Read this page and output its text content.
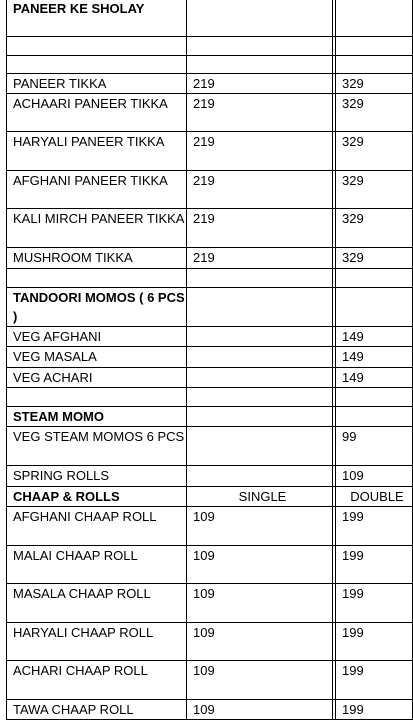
PANEER KE SHOLAY			

PANEER TIKKA	219		329
ACHAARI PANEER TIKKA	219		329
HARYALI PANEER TIKKA	219		329
AFGHANI PANEER TIKKA	219		329
KALI MIRCH PANEER TIKKA	219		329
MUSHROOM TIKKA	219		329

TANDOORI MOMOS ( 6 PCS )			
VEG AFGHANI			149
VEG MASALA			149
VEG ACHARI			149

STEAM MOMO			
VEG STEAM MOMOS 6 PCS			99
SPRING ROLLS			109
CHAAP & ROLLS	SINGLE		DOUBLE
AFGHANI CHAAP ROLL	109		199
MALAI CHAAP ROLL	109		199
MASALA CHAAP ROLL	109		199
HARYALI CHAAP ROLL	109		199
ACHARI CHAAP ROLL	109		199
TAWA CHAAP ROLL	109		199
